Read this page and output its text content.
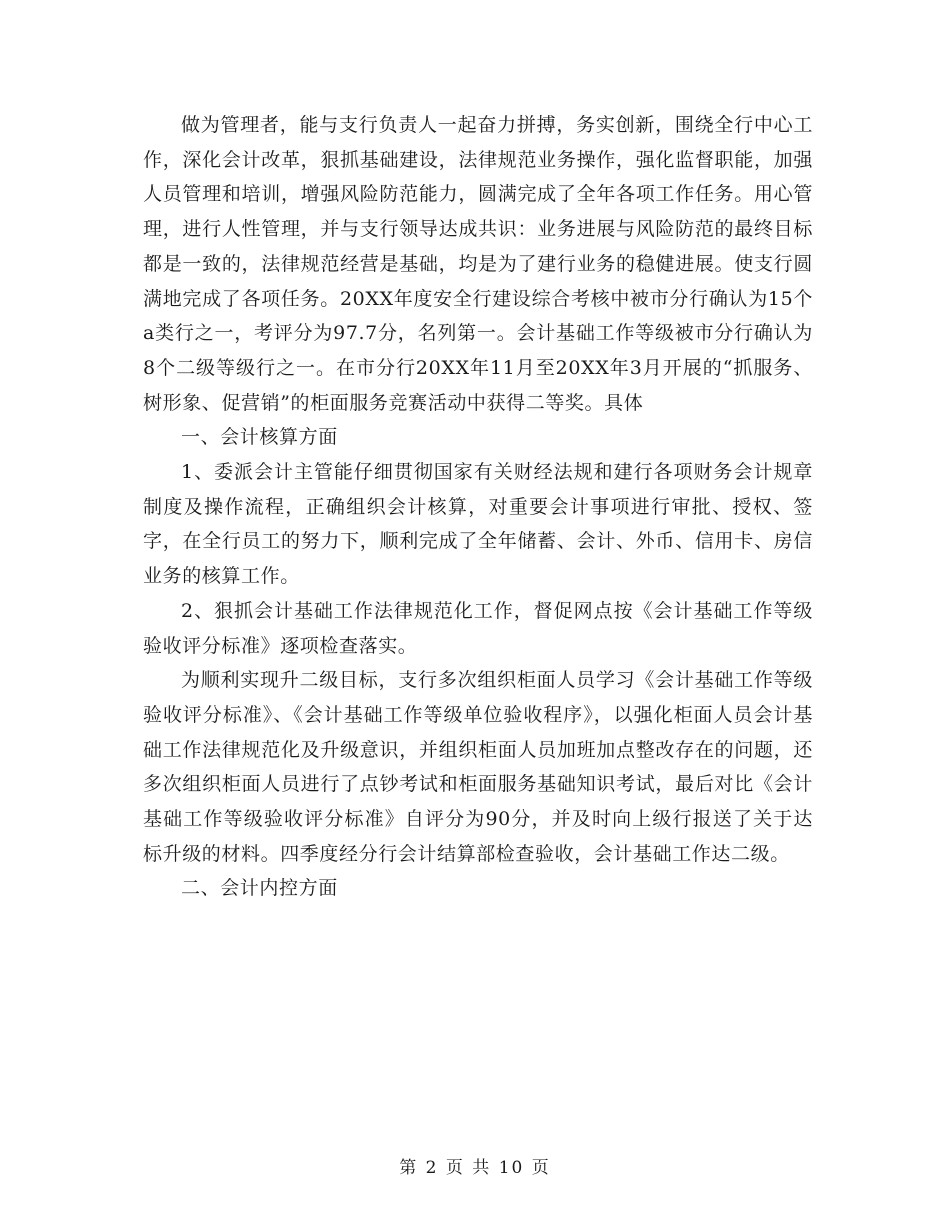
做为管理者，能与支行负责人一起奋力拼搏，务实创新，围绕全行中心工作，深化会计改革，狠抓基础建设，法律规范业务操作，强化监督职能，加强人员管理和培训，增强风险防范能力，圆满完成了全年各项工作任务。用心管理，进行人性管理，并与支行领导达成共识：业务进展与风险防范的最终目标都是一致的，法律规范经营是基础，均是为了建行业务的稳健进展。使支行圆满地完成了各项任务。20XX年度安全行建设综合考核中被市分行确认为15个a类行之一，考评分为97.7分，名列第一。会计基础工作等级被市分行确认为8个二级等级行之一。在市分行20XX年11月至20XX年3月开展的“抓服务、树形象、促营销”的柜面服务竞赛活动中获得二等奖。具体

一、会计核算方面

1、委派会计主管能仔细贯彻国家有关财经法规和建行各项财务会计规章制度及操作流程，正确组织会计核算，对重要会计事项进行审批、授权、签字，在全行员工的努力下，顺利完成了全年储蓄、会计、外币、信用卡、房信业务的核算工作。

2、狠抓会计基础工作法律规范化工作，督促网点按《会计基础工作等级验收评分标准》逐项检查落实。

为顺利实现升二级目标，支行多次组织柜面人员学习《会计基础工作等级验收评分标准》、《会计基础工作等级单位验收程序》，以强化柜面人员会计基础工作法律规范化及升级意识，并组织柜面人员加班加点整改存在的问题，还多次组织柜面人员进行了点钞考试和柜面服务基础知识考试，最后对比《会计基础工作等级验收评分标准》自评分为90分，并及时向上级行报送了关于达标升级的材料。四季度经分行会计结算部检查验收，会计基础工作达二级。

二、会计内控方面

第 2 页 共 10 页
